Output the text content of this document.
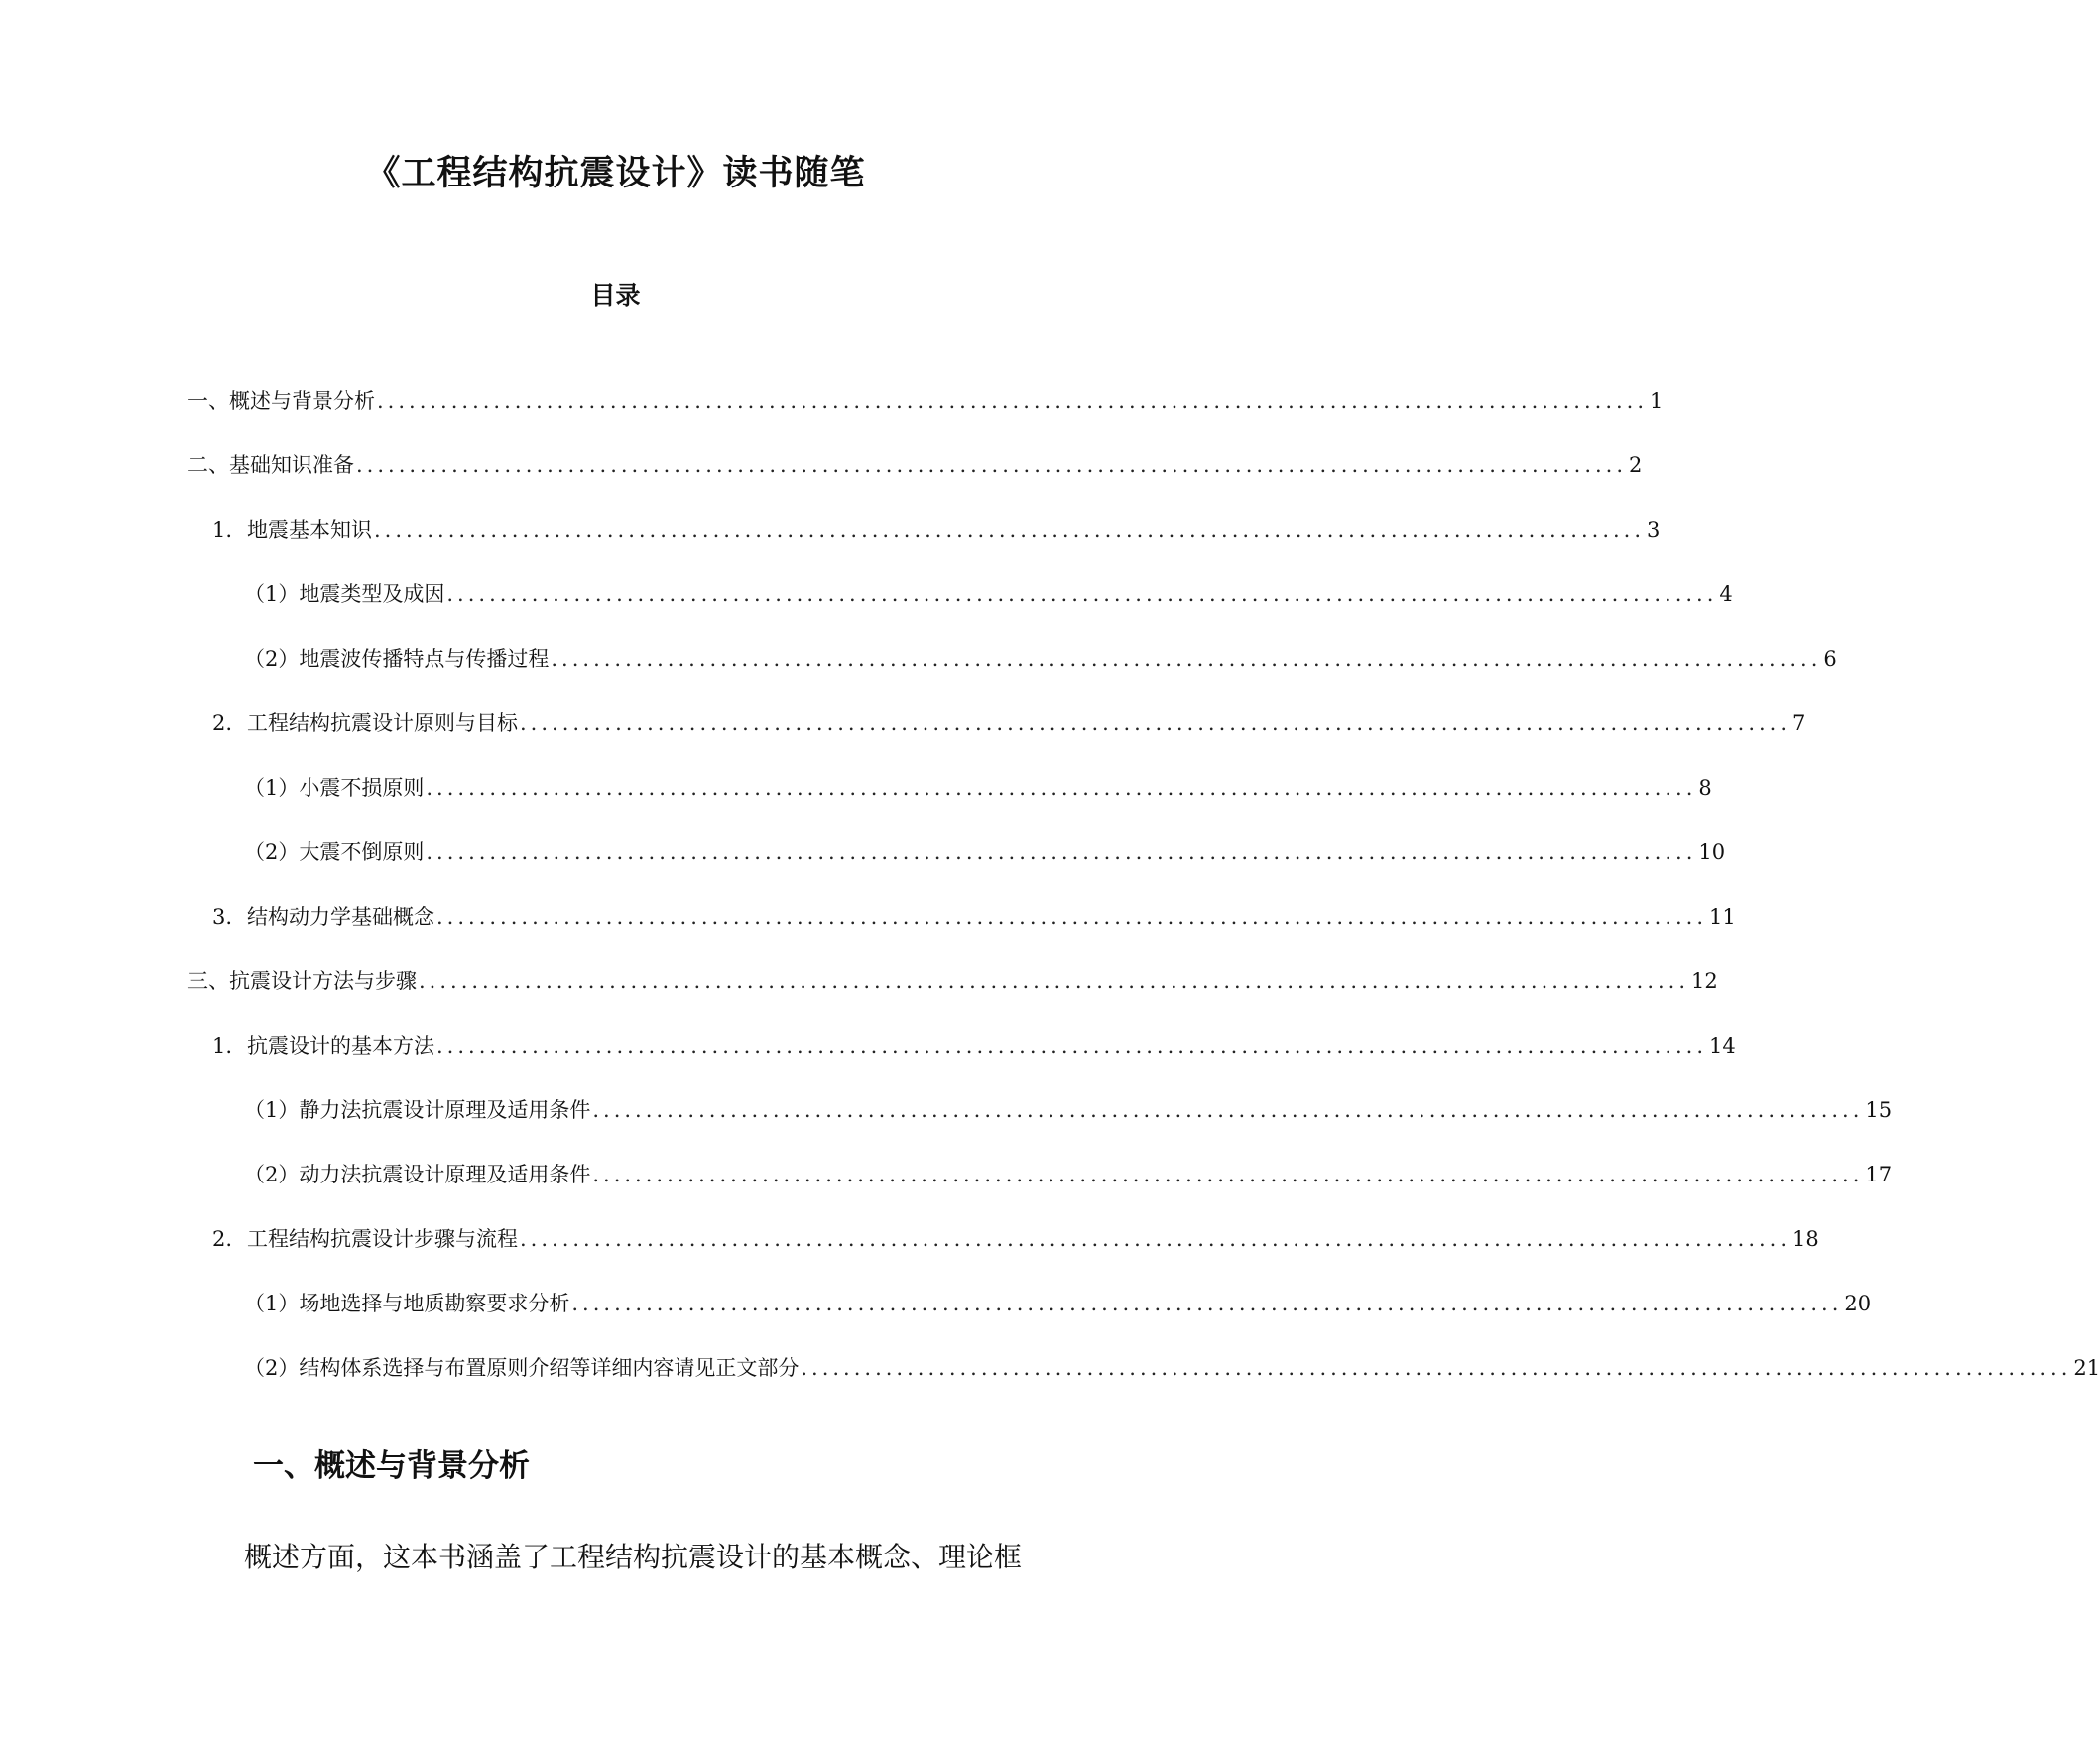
《工程结构抗震设计》读书随笔
目录
一、概述与背景分析 ........................................................................................................................ 1
二、基础知识准备 ........................................................................................................................ 2
1. 地震基本知识 ........................................................................................................................ 3
（1）地震类型及成因 ........................................................................................................................ 4
（2）地震波传播特点与传播过程 ........................................................................................................................ 6
2. 工程结构抗震设计原则与目标 ........................................................................................................................ 7
（1）小震不损原则 ........................................................................................................................ 8
（2）大震不倒原则 ........................................................................................................................ 10
3. 结构动力学基础概念 ........................................................................................................................ 11
三、抗震设计方法与步骤 ........................................................................................................................ 12
1. 抗震设计的基本方法 ........................................................................................................................ 14
（1）静力法抗震设计原理及适用条件 ........................................................................................................................ 15
（2）动力法抗震设计原理及适用条件 ........................................................................................................................ 17
2. 工程结构抗震设计步骤与流程 ........................................................................................................................ 18
（1）场地选择与地质勘察要求分析 ........................................................................................................................ 20
（2）结构体系选择与布置原则介绍等详细内容请见正文部分 ........................................................................................................................ 21
一、概述与背景分析
概述方面，这本书涵盖了工程结构抗震设计的基本概念、理论框
